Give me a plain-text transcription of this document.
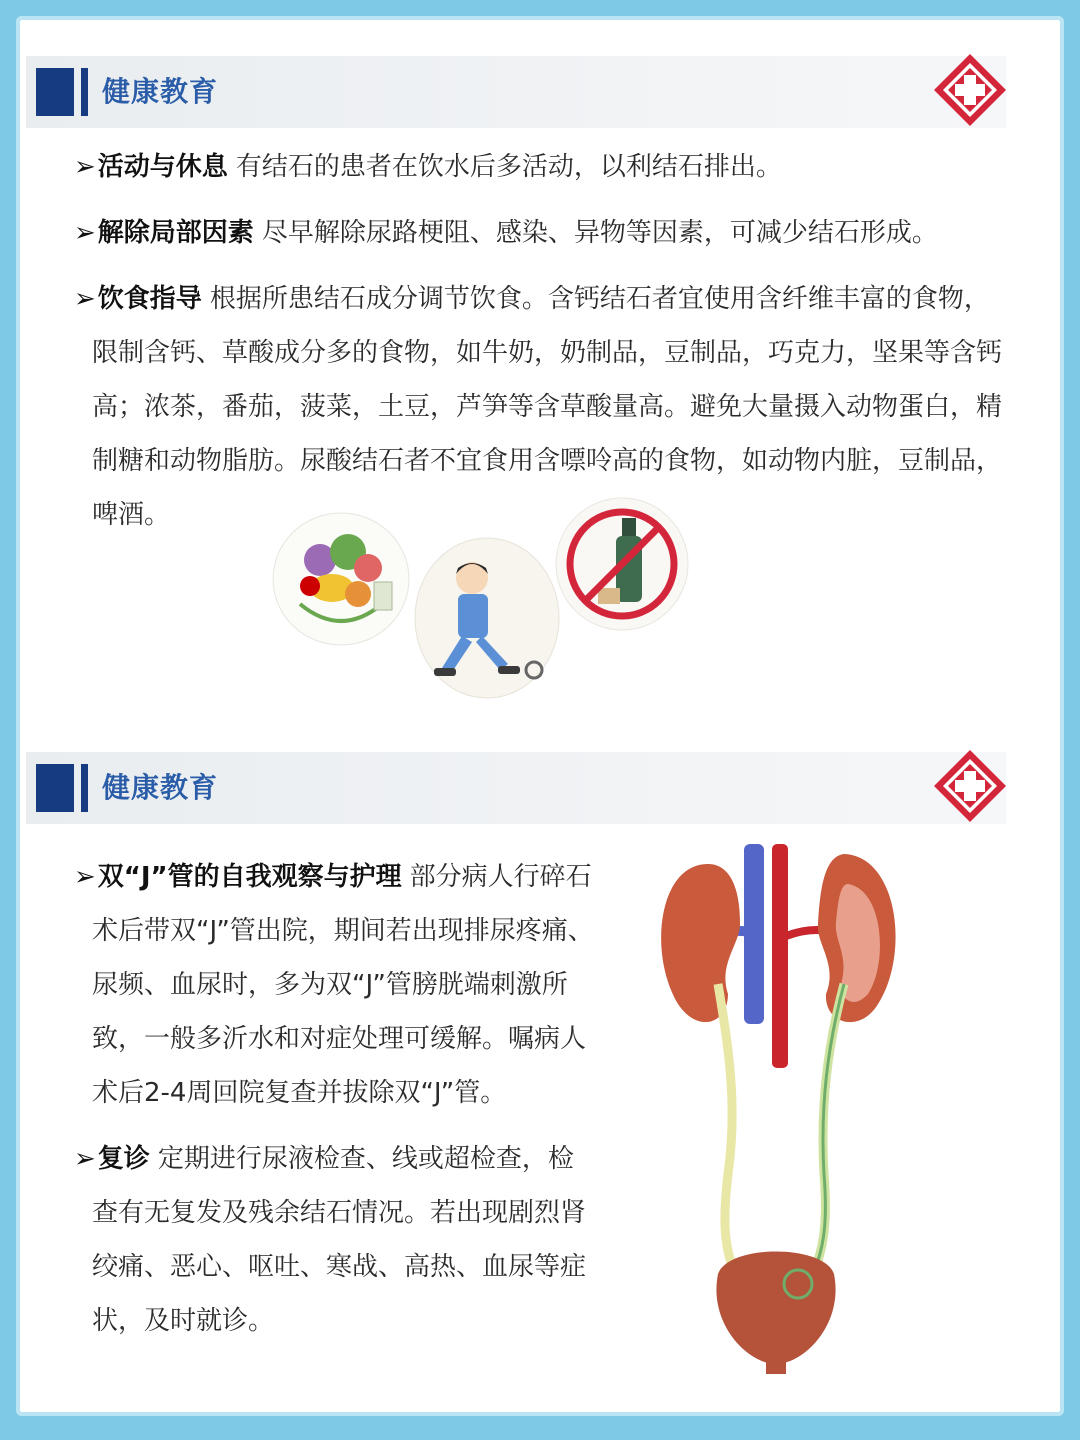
健康教育
➢活动与休息 有结石的患者在饮水后多活动，以利结石排出。
➢解除局部因素 尽早解除尿路梗阻、感染、异物等因素，可减少结石形成。
➢饮食指导 根据所患结石成分调节饮食。含钙结石者宜使用含纤维丰富的食物，
限制含钙、草酸成分多的食物，如牛奶，奶制品，豆制品，巧克力，坚果等含钙
高；浓茶，番茄，菠菜，土豆，芦笋等含草酸量高。避免大量摄入动物蛋白，精
制糖和动物脂肪。尿酸结石者不宜食用含嘌呤高的食物，如动物内脏，豆制品，
啤酒。
健康教育
➢双“J”管的自我观察与护理 部分病人行碎石
术后带双“J”管出院，期间若出现排尿疼痛、
尿频、血尿时，多为双“J”管膀胱端刺激所
致，一般多沂水和对症处理可缓解。嘱病人
术后2-4周回院复查并拔除双“J”管。
➢复诊 定期进行尿液检查、线或超检查，检
查有无复发及残余结石情况。若出现剧烈肾
绞痛、恶心、呕吐、寒战、高热、血尿等症
状，及时就诊。
